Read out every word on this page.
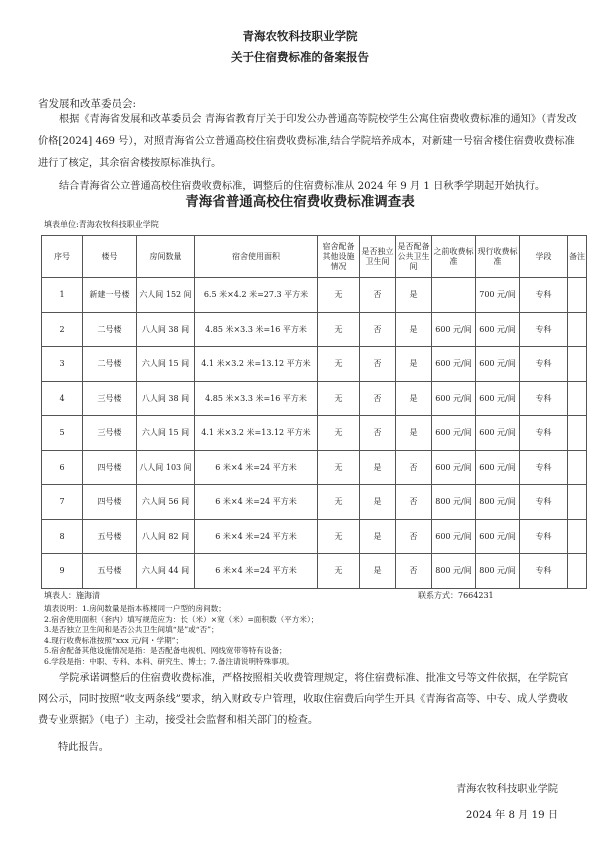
青海农牧科技职业学院
关于住宿费标准的备案报告
省发展和改革委员会:
根据《青海省发展和改革委员会 青海省教育厅关于印发公办普通高等院校学生公寓住宿费收费标准的通知》（青发改价格[2024] 469 号），对照青海省公立普通高校住宿费收费标准,结合学院培养成本，对新建一号宿舍楼住宿费收费标准进行了核定，其余宿舍楼按原标准执行。
结合青海省公立普通高校住宿费收费标准，调整后的住宿费标准从 2024 年 9 月 1 日秋季学期起开始执行。
青海省普通高校住宿费收费标准调查表
填表单位:青海农牧科技职业学院
序号	楼号	房间数量	宿舍使用面积	宿舍配备其他设施情况	是否独立卫生间	是否配备公共卫生间	之前收费标准	现行收费标准	学段	备注
1	新建一号楼	六人间 152 间	6.5 米×4.2 米=27.3 平方米	无	否	是		700 元/间	专科	
2	二号楼	八人间 38 间	4.85 米×3.3 米=16 平方米	无	否	是	600 元/间	600 元/间	专科	
3	二号楼	六人间 15 间	4.1 米×3.2 米=13.12 平方米	无	否	是	600 元/间	600 元/间	专科	
4	三号楼	八人间 38 间	4.85 米×3.3 米=16 平方米	无	否	是	600 元/间	600 元/间	专科	
5	三号楼	六人间 15 间	4.1 米×3.2 米=13.12 平方米	无	否	是	600 元/间	600 元/间	专科	
6	四号楼	八人间 103 间	6 米×4 米=24 平方米	无	是	否	600 元/间	600 元/间	专科	
7	四号楼	六人间 56 间	6 米×4 米=24 平方米	无	是	否	800 元/间	800 元/间	专科	
8	五号楼	八人间 82 间	6 米×4 米=24 平方米	无	是	否	600 元/间	600 元/间	专科	
9	五号楼	六人间 44 间	6 米×4 米=24 平方米	无	是	否	800 元/间	800 元/间	专科	
填表人：施海清	联系方式：7664231
填表说明：1.房间数量是指本栋楼同一户型的房间数；
2.宿舍使用面积（套内）填写规范应为：长（米）×宽（米）=面积数（平方米）；
3.是否独立卫生间和是否公共卫生间填“是”或“否”；
4.现行收费标准按照“xxx 元/间・学期”；
5.宿舍配备其他设施情况是指：是否配备电视机、网线宽带等特有设备；
6.学段是指：中职、专科、本科、研究生、博士；7.备注请说明特殊事项。
学院承诺调整后的住宿费收费标准，严格按照相关收费管理规定，将住宿费标准、批准文号等文件依据，在学院官网公示，同时按照“收支两条线”要求，纳入财政专户管理，收取住宿费后向学生开具《青海省高等、中专、成人学费收费专业票据》（电子）主动，接受社会监督和相关部门的检查。
特此报告。
青海农牧科技职业学院
2024 年 8 月 19 日
